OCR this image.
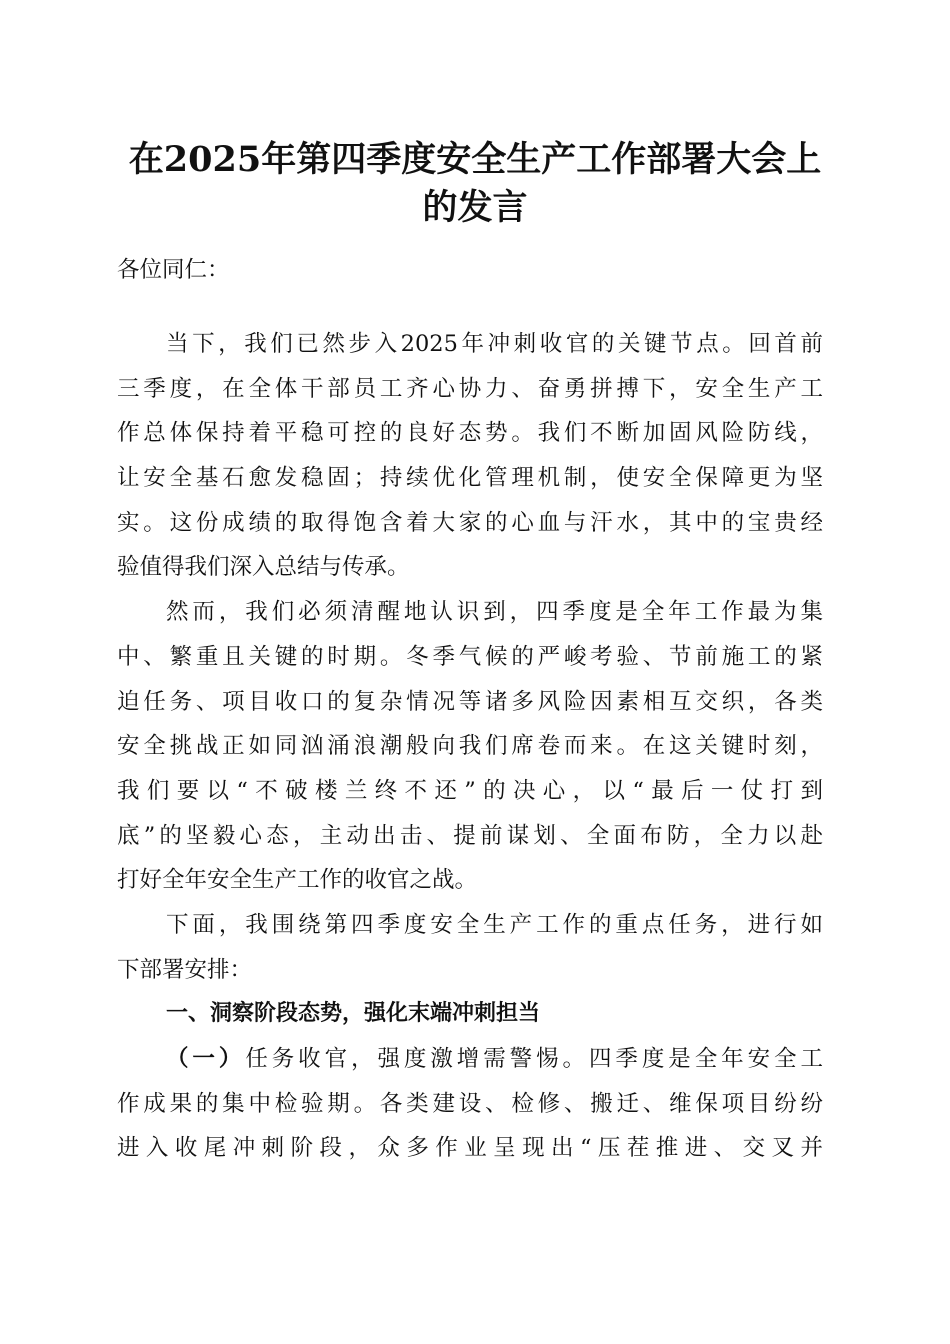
在2025年第四季度安全生产工作部署大会上
的发言
各位同仁：
当下，我们已然步入2025年冲刺收官的关键节点。回首前
三季度，在全体干部员工齐心协力、奋勇拼搏下，安全生产工
作总体保持着平稳可控的良好态势。我们不断加固风险防线，
让安全基石愈发稳固；持续优化管理机制，使安全保障更为坚
实。这份成绩的取得饱含着大家的心血与汗水，其中的宝贵经
验值得我们深入总结与传承。
然而，我们必须清醒地认识到，四季度是全年工作最为集
中、繁重且关键的时期。冬季气候的严峻考验、节前施工的紧
迫任务、项目收口的复杂情况等诸多风险因素相互交织，各类
安全挑战正如同汹涌浪潮般向我们席卷而来。在这关键时刻，
我们要以“不破楼兰终不还”的决心，以“最后一仗打到
底”的坚毅心态，主动出击、提前谋划、全面布防，全力以赴
打好全年安全生产工作的收官之战。
下面，我围绕第四季度安全生产工作的重点任务，进行如
下部署安排：
一、洞察阶段态势，强化末端冲刺担当
（一）任务收官，强度激增需警惕。四季度是全年安全工
作成果的集中检验期。各类建设、检修、搬迁、维保项目纷纷
进入收尾冲刺阶段，众多作业呈现出“压茬推进、交叉并
